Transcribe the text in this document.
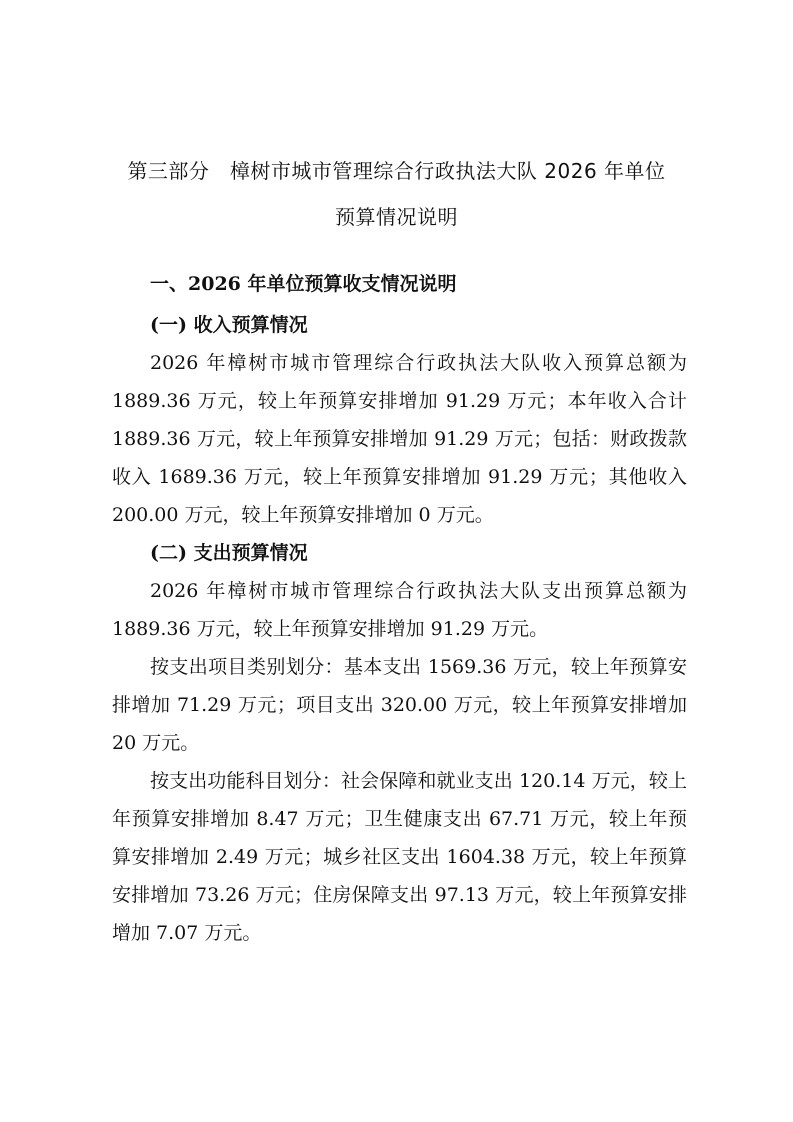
第三部分　樟树市城市管理综合行政执法大队 2026 年单位
预算情况说明
一、2026 年单位预算收支情况说明

(一) 收入预算情况

2026 年樟树市城市管理综合行政执法大队收入预算总额为 1889.36 万元，较上年预算安排增加 91.29 万元；本年收入合计 1889.36 万元，较上年预算安排增加 91.29 万元；包括：财政拨款收入 1689.36 万元，较上年预算安排增加 91.29 万元；其他收入 200.00 万元，较上年预算安排增加 0 万元。

(二) 支出预算情况

2026 年樟树市城市管理综合行政执法大队支出预算总额为 1889.36 万元，较上年预算安排增加 91.29 万元。

按支出项目类别划分：基本支出 1569.36 万元，较上年预算安排增加 71.29 万元；项目支出 320.00 万元，较上年预算安排增加 20 万元。

按支出功能科目划分：社会保障和就业支出 120.14 万元，较上年预算安排增加 8.47 万元；卫生健康支出 67.71 万元，较上年预算安排增加 2.49 万元；城乡社区支出 1604.38 万元，较上年预算安排增加 73.26 万元；住房保障支出 97.13 万元，较上年预算安排增加 7.07 万元。
